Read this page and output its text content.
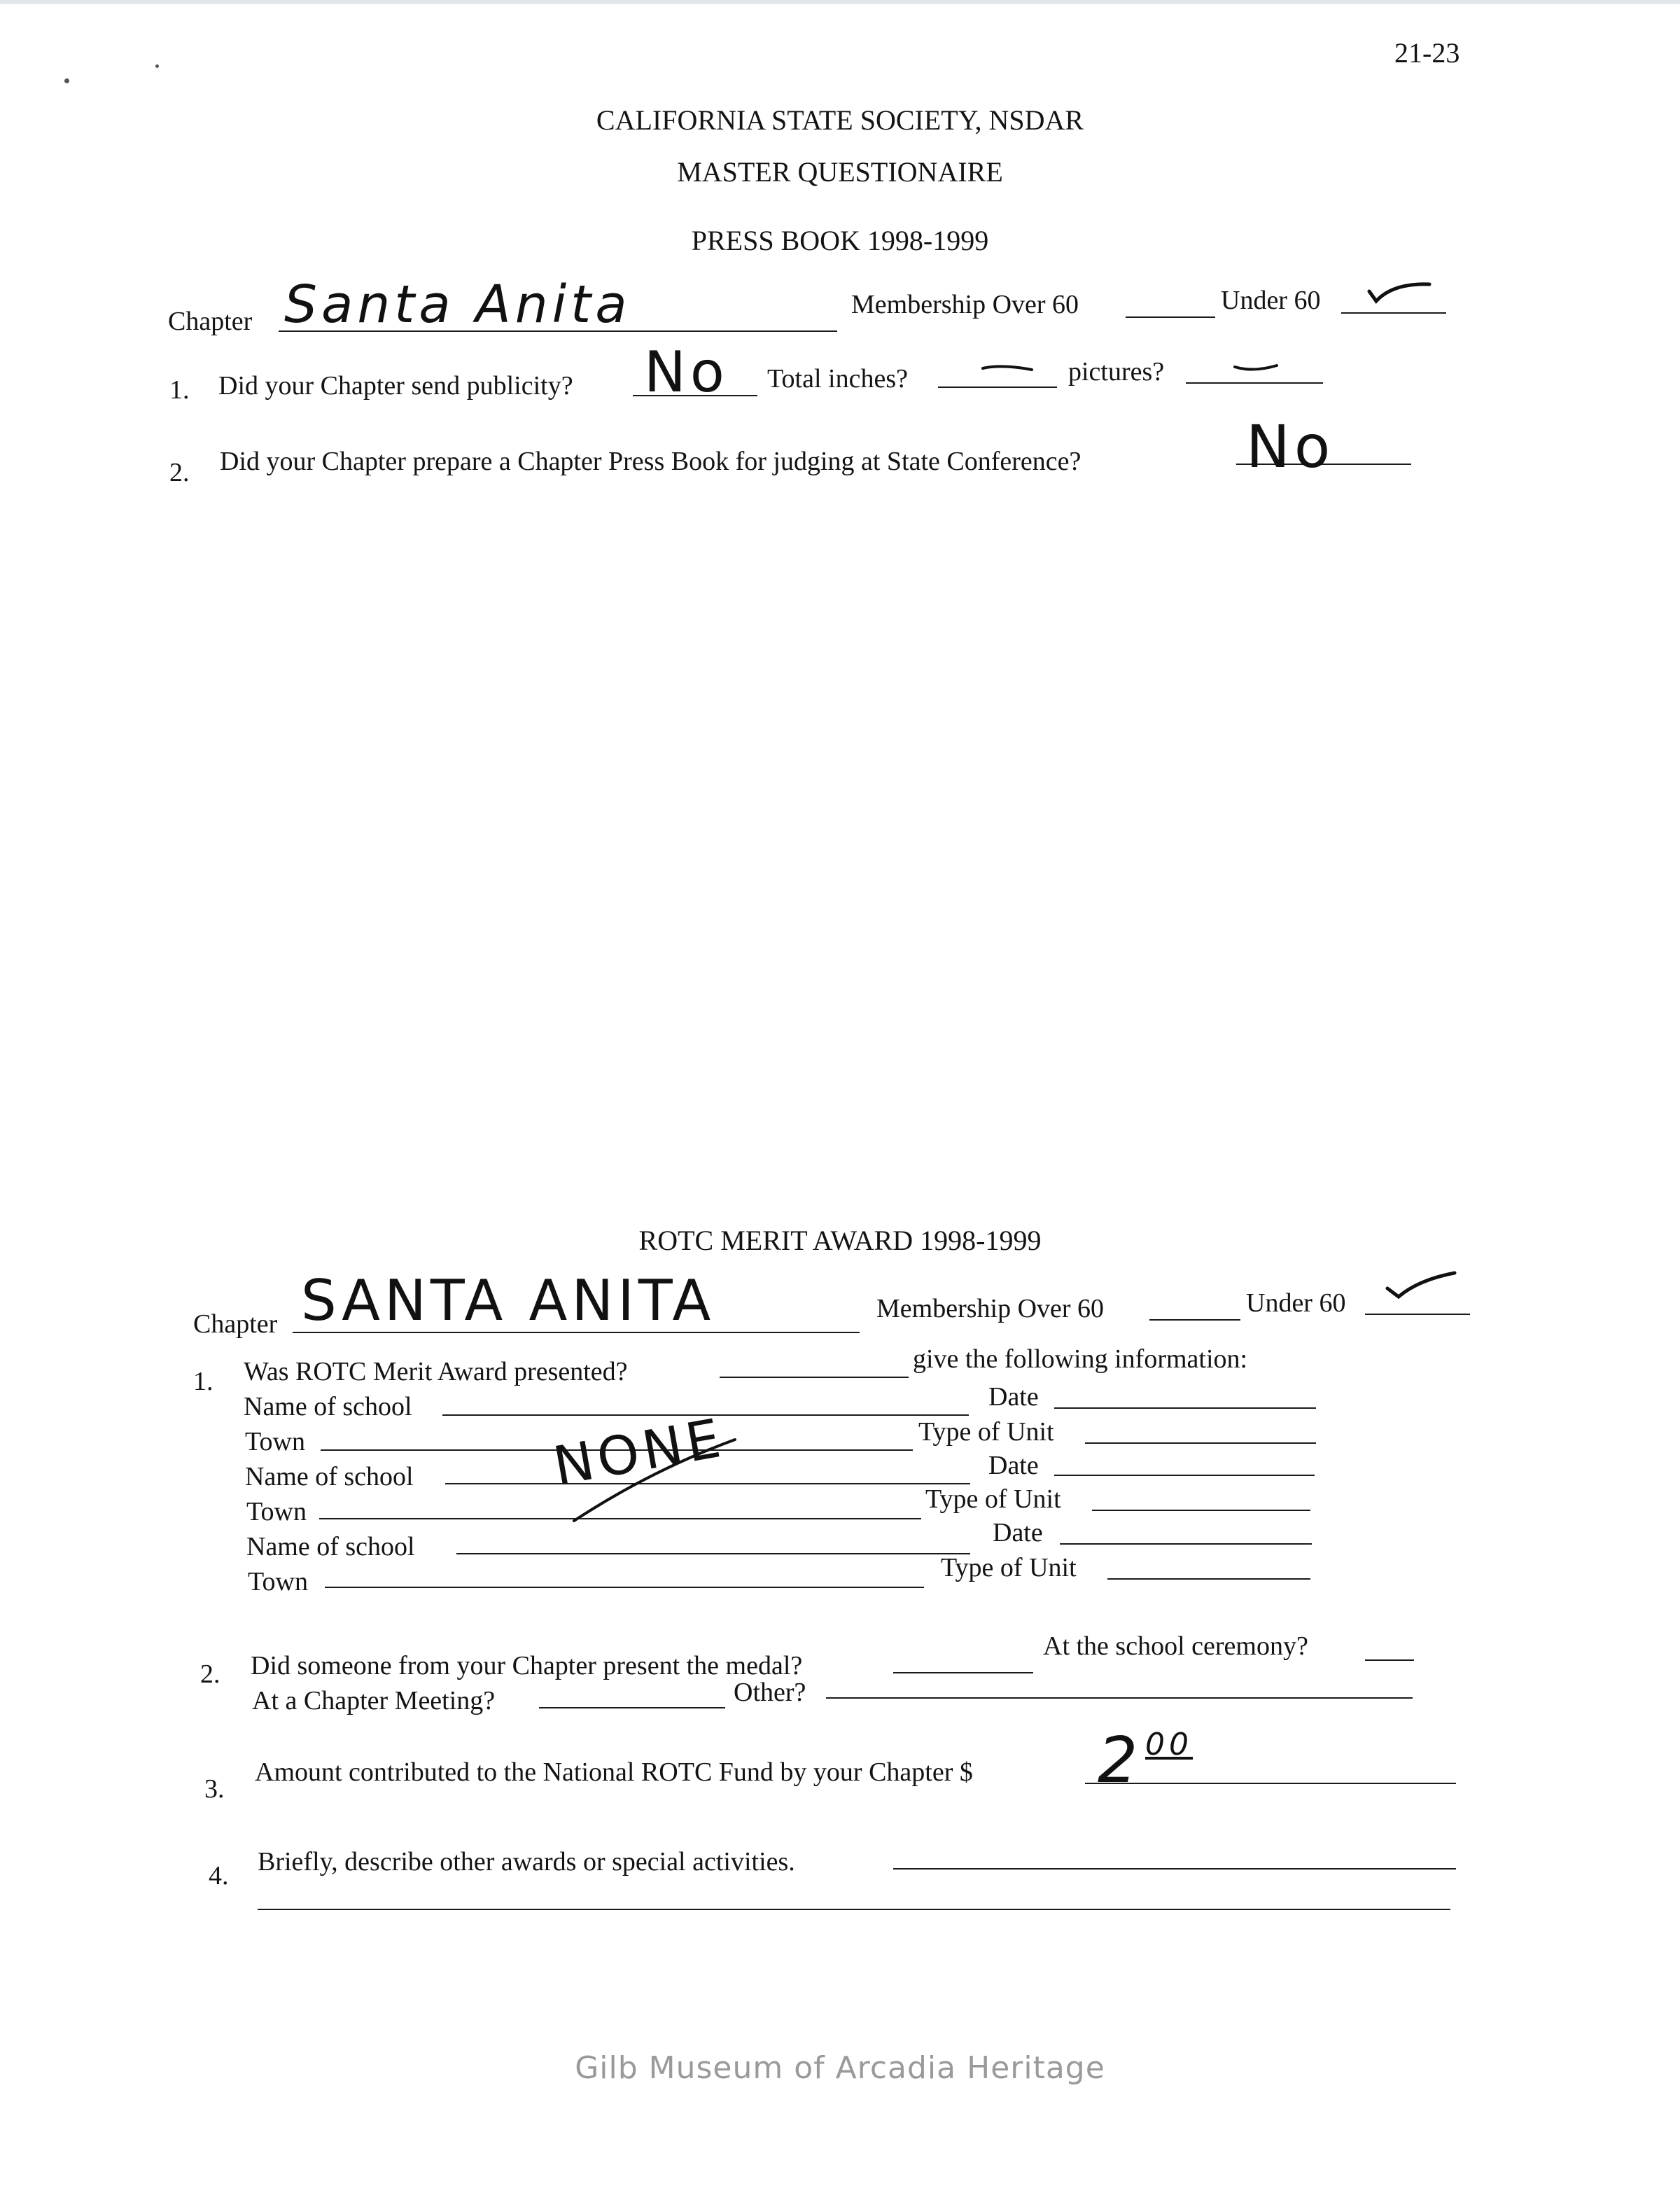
21-23
CALIFORNIA STATE SOCIETY, NSDAR
MASTER QUESTIONAIRE
PRESS BOOK 1998-1999
Chapter Santa Anita	Membership Over 60	Under 60
1. Did your Chapter send publicity? No Total inches?	pictures?
2. Did your Chapter prepare a Chapter Press Book for judging at State Conference?	No
ROTC MERIT AWARD 1998-1999
Chapter SANTA ANITA	Membership Over 60	Under 60
1. Was ROTC Merit Award presented?	give the following information:
Name of school	Date
Town	Type of Unit
Name of school	Date
Town	Type of Unit
Name of school	Date
Town	Type of Unit
NONE
2. Did someone from your Chapter present the medal?
At the school ceremony?
At a Chapter Meeting?	Other?
3.
Amount contributed to the National ROTC Fund by your Chapter $ 2 00
4. Briefly, describe other awards or special activities.
Gilb Museum of Arcadia Heritage
